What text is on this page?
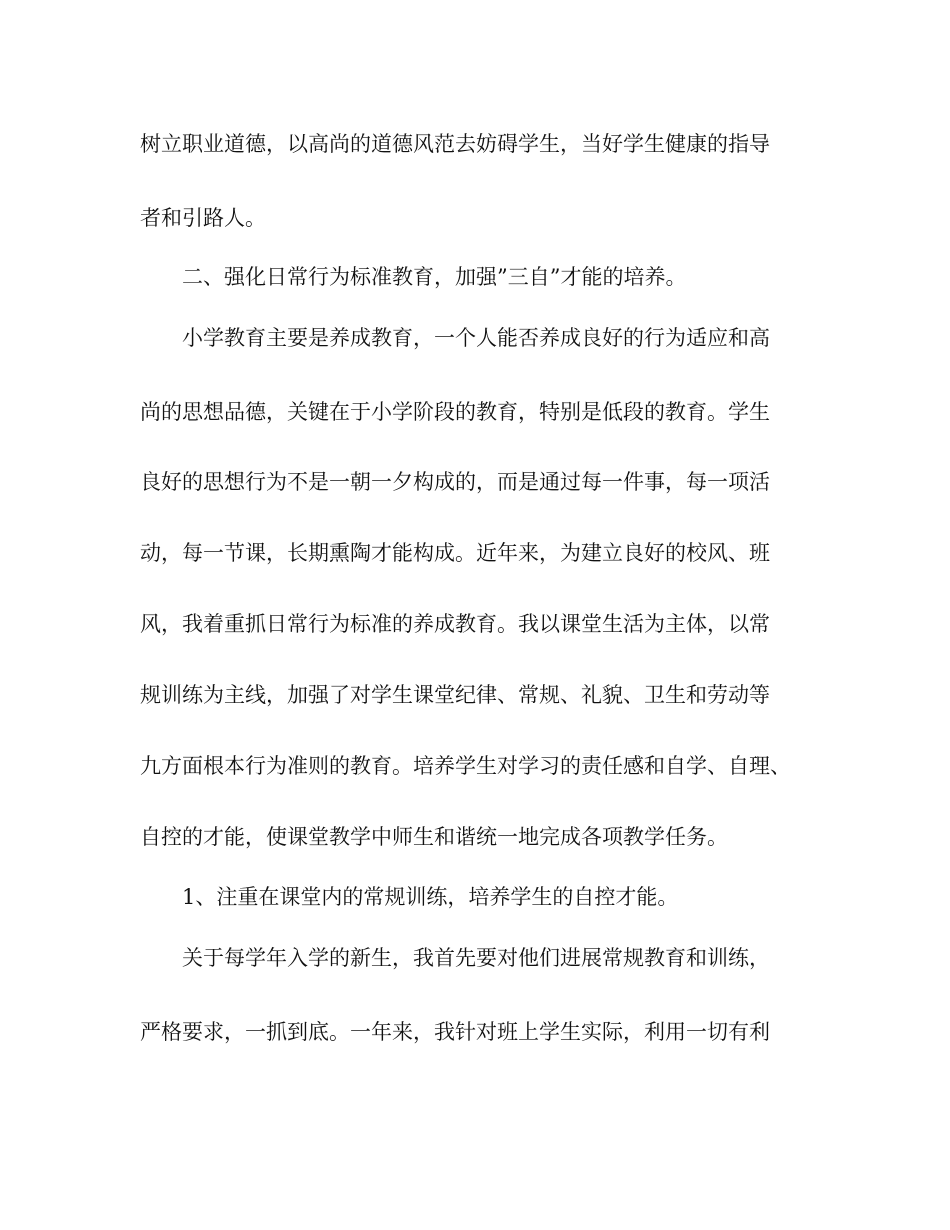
树立职业道德，以高尚的道德风范去妨碍学生，当好学生健康的指导
者和引路人。
二、强化日常行为标准教育，加强”三自”才能的培养。
小学教育主要是养成教育，一个人能否养成良好的行为适应和高
尚的思想品德，关键在于小学阶段的教育，特别是低段的教育。学生
良好的思想行为不是一朝一夕构成的，而是通过每一件事，每一项活
动，每一节课，长期熏陶才能构成。近年来，为建立良好的校风、班
风，我着重抓日常行为标准的养成教育。我以课堂生活为主体，以常
规训练为主线，加强了对学生课堂纪律、常规、礼貌、卫生和劳动等
九方面根本行为准则的教育。培养学生对学习的责任感和自学、自理、
自控的才能，使课堂教学中师生和谐统一地完成各项教学任务。
1、注重在课堂内的常规训练，培养学生的自控才能。
关于每学年入学的新生，我首先要对他们进展常规教育和训练，
严格要求，一抓到底。一年来，我针对班上学生实际，利用一切有利
